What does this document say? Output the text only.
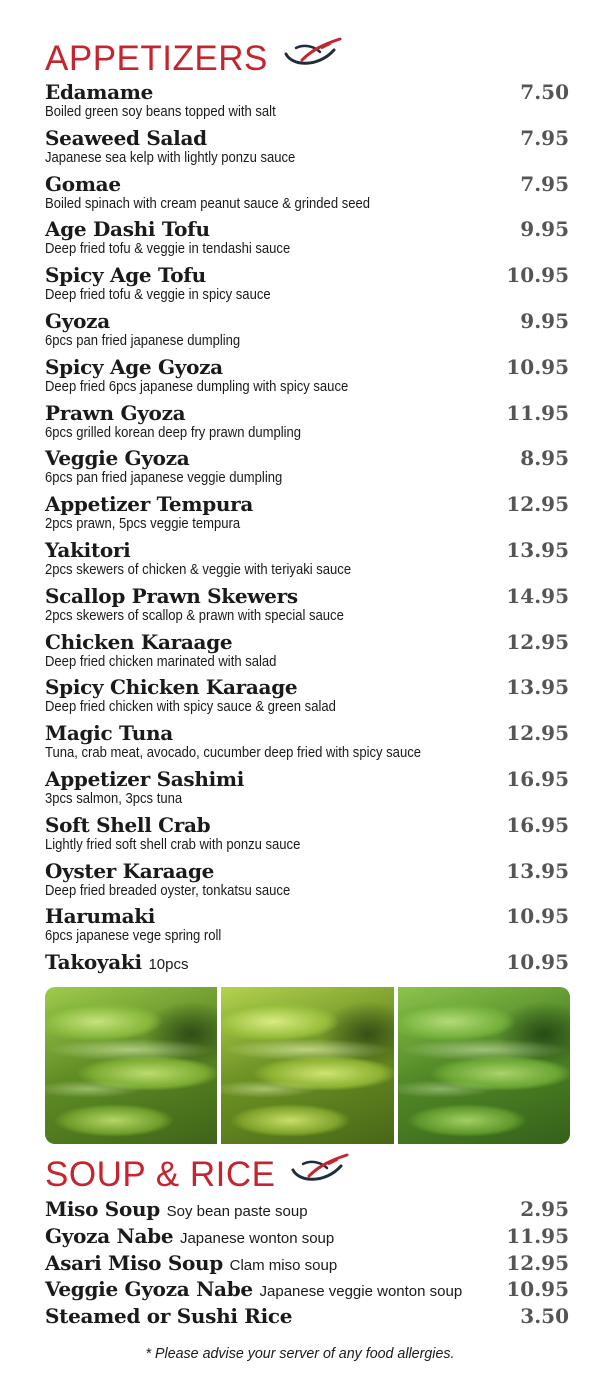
APPETIZERS
Edamame
Boiled green soy beans topped with salt
7.50
Seaweed Salad
Japanese sea kelp with lightly ponzu sauce
7.95
Gomae
Boiled spinach with cream peanut sauce & grinded seed
7.95
Age Dashi Tofu
Deep fried tofu & veggie in tendashi sauce
9.95
Spicy Age Tofu
Deep fried tofu & veggie in spicy sauce
10.95
Gyoza
6pcs pan fried japanese dumpling
9.95
Spicy Age Gyoza
Deep fried 6pcs japanese dumpling with spicy sauce
10.95
Prawn Gyoza
6pcs grilled korean deep fry prawn dumpling
11.95
Veggie Gyoza
6pcs pan fried japanese veggie dumpling
8.95
Appetizer Tempura
2pcs prawn, 5pcs veggie tempura
12.95
Yakitori
2pcs skewers of chicken & veggie with teriyaki sauce
13.95
Scallop Prawn Skewers
2pcs skewers of scallop & prawn with special sauce
14.95
Chicken Karaage
Deep fried chicken marinated with salad
12.95
Spicy Chicken Karaage
Deep fried chicken with spicy sauce & green salad
13.95
Magic Tuna
Tuna, crab meat, avocado, cucumber deep fried with spicy sauce
12.95
Appetizer Sashimi
3pcs salmon, 3pcs tuna
16.95
Soft Shell Crab
Lightly fried soft shell crab with ponzu sauce
16.95
Oyster Karaage
Deep fried breaded oyster, tonkatsu sauce
13.95
Harumaki
6pcs japanese vege spring roll
10.95
Takoyaki 10pcs	10.95
SOUP & RICE
Miso Soup Soy bean paste soup	2.95
Gyoza Nabe Japanese wonton soup	11.95
Asari Miso Soup Clam miso soup	12.95
Veggie Gyoza Nabe Japanese veggie wonton soup	10.95
Steamed or Sushi Rice	3.50
* Please advise your server of any food allergies.
